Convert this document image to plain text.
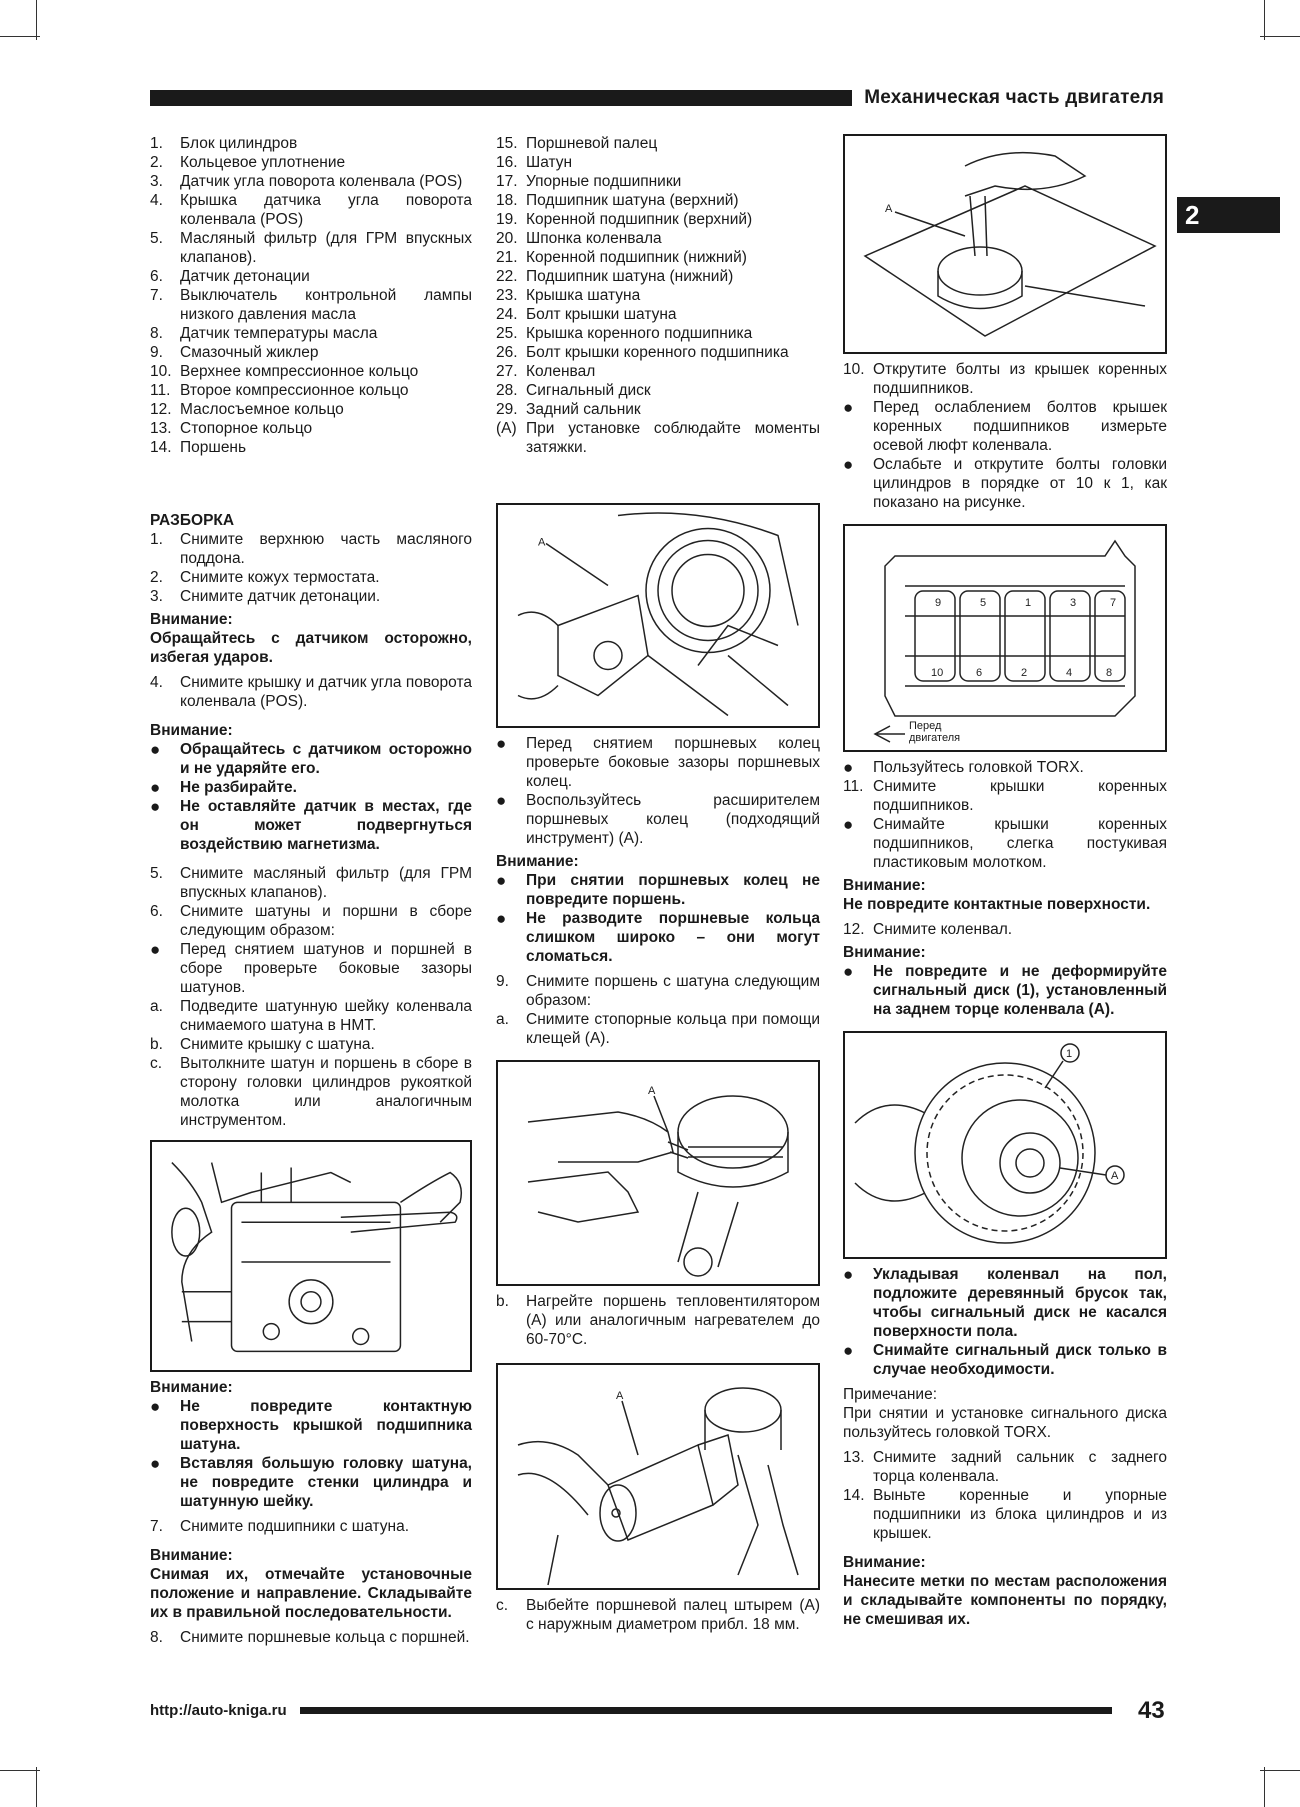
Механическая часть двигателя
2
1.	Блок цилиндров
2.	Кольцевое уплотнение
3.	Датчик угла поворота коленвала (POS)
4.	Крышка датчика угла поворота коленвала (POS)
5.	Масляный фильтр (для ГРМ впускных клапанов).
6.	Датчик детонации
7.	Выключатель контрольной лампы низкого давления масла
8.	Датчик температуры масла
9.	Смазочный жиклер
10. Верхнее компрессионное кольцо
11. Второе компрессионное кольцо
12. Маслосъемное кольцо
13. Стопорное кольцо
14. Поршень
РАЗБОРКА
1.	Снимите верхнюю часть масляного поддона.
2.	Снимите кожух термостата.
3.	Снимите датчик детонации.
Внимание:
Обращайтесь с датчиком осторожно, избегая ударов.
4.	Снимите крышку и датчик угла поворота коленвала (POS).
Внимание:
●	Обращайтесь с датчиком осторожно и не ударяйте его.
●	Не разбирайте.
●	Не оставляйте датчик в местах, где он может подвергнуться воздействию магнетизма.
5.	Снимите масляный фильтр (для ГРМ впускных клапанов).
6.	Снимите шатуны и поршни в сборе следующим образом:
●	Перед снятием шатунов и поршней в сборе проверьте боковые зазоры шатунов.
a.	Подведите шатунную шейку коленвала снимаемого шатуна в НМТ.
b.	Снимите крышку с шатуна.
c.	Вытолкните шатун и поршень в сборе в сторону головки цилиндров рукояткой молотка или аналогичным инструментом.
Внимание:
●	Не повредите контактную поверхность крышкой подшипника шатуна.
●	Вставляя большую головку шатуна, не повредите стенки цилиндра и шатунную шейку.
7.	Снимите подшипники с шатуна.
Внимание:
Снимая их, отмечайте установочные положение и направление. Складывайте их в правильной последовательности.
8.	Снимите поршневые кольца с поршней.
15. Поршневой палец
16. Шатун
17. Упорные подшипники
18. Подшипник шатуна (верхний)
19. Коренной подшипник (верхний)
20. Шпонка коленвала
21. Коренной подшипник (нижний)
22. Подшипник шатуна (нижний)
23. Крышка шатуна
24. Болт крышки шатуна
25. Крышка коренного подшипника
26. Болт крышки коренного подшипника
27. Коленвал
28. Сигнальный диск
29. Задний сальник
(A) При установке соблюдайте моменты затяжки.
A
●	Перед снятием поршневых колец проверьте боковые зазоры поршневых колец.
●	Воспользуйтесь расширителем поршневых колец (подходящий инструмент) (A).
Внимание:
●	При снятии поршневых колец не повредите поршень.
●	Не разводите поршневые кольца слишком широко – они могут сломаться.
9.	Снимите поршень с шатуна следующим образом:
a.	Снимите стопорные кольца при помощи клещей (A).
A
b.	Нагрейте поршень тепловентилятором (A) или аналогичным нагревателем до 60-70°C.
A
c.	Выбейте поршневой палец штырем (A) с наружным диаметром прибл. 18 мм.
A
10. Открутите болты из крышек коренных подшипников.
●	Перед ослаблением болтов крышек коренных подшипников измерьте осевой люфт коленвала.
●	Ослабьте и открутите болты головки цилиндров в порядке от 10 к 1, как показано на рисунке.
9	5	1	3	7
10	6	2	4	8
Перед двигателя
●	Пользуйтесь головкой TORX.
11. Снимите крышки коренных подшипников.
●	Снимайте крышки коренных подшипников, слегка постукивая пластиковым молотком.
Внимание:
Не повредите контактные поверхности.
12. Снимите коленвал.
Внимание:
●	Не повредите и не деформируйте сигнальный диск (1), установленный на заднем торце коленвала (A).
1
A
●	Укладывая коленвал на пол, подложите деревянный брусок так, чтобы сигнальный диск не касался поверхности пола.
●	Снимайте сигнальный диск только в случае необходимости.
Примечание:
При снятии и установке сигнального диска пользуйтесь головкой TORX.
13. Снимите задний сальник с заднего торца коленвала.
14. Выньте коренные и упорные подшипники из блока цилиндров и из крышек.
Внимание:
Нанесите метки по местам расположения и складывайте компоненты по порядку, не смешивая их.
http://auto-kniga.ru	43
